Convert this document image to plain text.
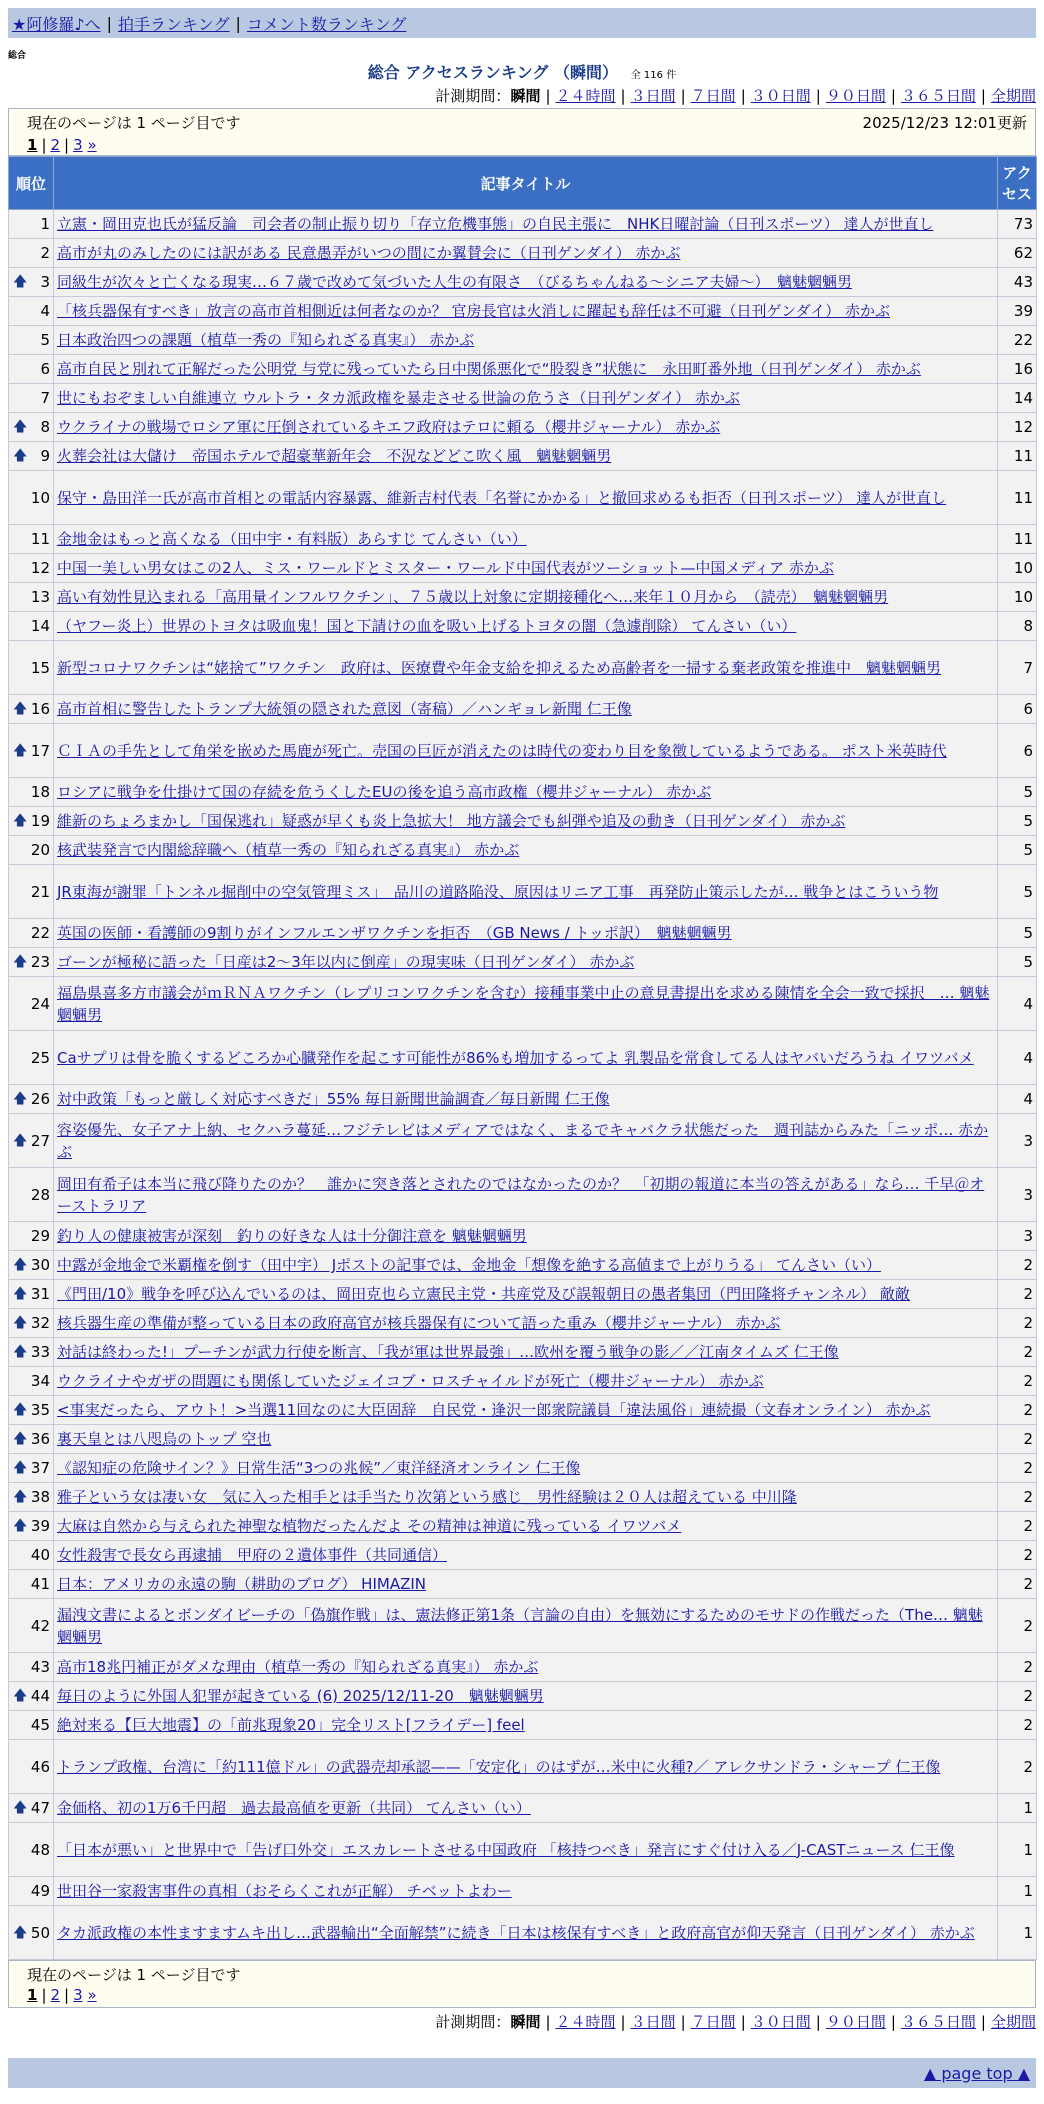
★阿修羅♪へ | 拍手ランキング | コメント数ランキング
総合
総合 アクセスランキング （瞬間） 全 116 件
計測期間：瞬間 | ２４時間 | ３日間 | ７日間 | ３０日間 | ９０日間 | ３６５日間 | 全期間
現在のページは 1 ページ目です	2025/12/23 12:01更新
1 | 2 | 3 »
順位	記事タイトル	アクセス
1	立憲・岡田克也氏が猛反論　司会者の制止振り切り「存立危機事態」の自民主張に　NHK日曜討論（日刊スポーツ） 達人が世直し	73
2	高市が丸のみしたのには訳がある 民意愚弄がいつの間にか翼賛会に（日刊ゲンダイ） 赤かぶ	62

🡅 3	同級生が次々と亡くなる現実…６７歳で改めて気づいた人生の有限さ　（びるちゃんねる〜シニア夫婦〜）　魑魅魍魎男	43
4	「核兵器保有すべき」放言の高市首相側近は何者なのか？ 官房長官は火消しに躍起も辞任は不可避（日刊ゲンダイ） 赤かぶ	39
5	日本政治四つの課題（植草一秀の『知られざる真実』） 赤かぶ	22
6	高市自民と別れて正解だった公明党 与党に残っていたら日中関係悪化で“股裂き”状態に　永田町番外地（日刊ゲンダイ） 赤かぶ	16
7	世にもおぞましい自維連立 ウルトラ・タカ派政権を暴走させる世論の危うさ（日刊ゲンダイ） 赤かぶ	14

🡅 8	ウクライナの戦場でロシア軍に圧倒されているキエフ政府はテロに頼る（櫻井ジャーナル） 赤かぶ	12

🡅 9	火葬会社は大儲け　帝国ホテルで超豪華新年会　不況などどこ吹く風　魑魅魍魎男	11
10	保守・島田洋一氏が高市首相との電話内容暴露、維新吉村代表「名誉にかかる」と撤回求めるも拒否（日刊スポーツ） 達人が世直し	11
11	金地金はもっと高くなる（田中宇・有料版）あらすじ てんさい（い）	11
12	中国一美しい男女はこの2人、ミス・ワールドとミスター・ワールド中国代表がツーショット—中国メディア 赤かぶ	10
13	高い有効性見込まれる「高用量インフルワクチン」、７５歳以上対象に定期接種化へ…来年１０月から　（読売）　魑魅魍魎男	10
14	（ヤフー炎上）世界のトヨタは吸血鬼！国と下請けの血を吸い上げるトヨタの闇（急遽削除） てんさい（い）	8
15	新型コロナワクチンは“姥捨て”ワクチン　政府は、医療費や年金支給を抑えるため高齢者を一掃する棄老政策を推進中　魑魅魍魎男	7

🡅 16	高市首相に警告したトランプ大統領の隠された意図（寄稿）／ハンギョレ新聞 仁王像	6

🡅 17	ＣＩＡの手先として角栄を嵌めた馬鹿が死亡。売国の巨匠が消えたのは時代の変わり目を象徴しているようである。 ポスト米英時代	6
18	ロシアに戦争を仕掛けて国の存続を危うくしたEUの後を追う高市政権（櫻井ジャーナル） 赤かぶ	5

🡅 19	維新のちょろまかし「国保逃れ」疑惑が早くも炎上急拡大！ 地方議会でも糾弾や追及の動き（日刊ゲンダイ） 赤かぶ	5
20	核武装発言で内閣総辞職へ（植草一秀の『知られざる真実』） 赤かぶ	5
21	JR東海が謝罪「トンネル掘削中の空気管理ミス」　品川の道路陥没、原因はリニア工事　再発防止策示したが… 戦争とはこういう物	5
22	英国の医師・看護師の9割りがインフルエンザワクチンを拒否　（GB News / トッポ訳）　魑魅魍魎男	5

🡅 23	ゴーンが極秘に語った「日産は2〜3年以内に倒産」の現実味（日刊ゲンダイ） 赤かぶ	5
24	福島県喜多方市議会がｍＲＮＡワクチン（レプリコンワクチンを含む）接種事業中止の意見書提出を求める陳情を全会一致で採択　… 魑魅魍魎男	4
25	Caサプリは骨を脆くするどころか心臓発作を起こす可能性が86%も増加するってよ 乳製品を常食してる人はヤバいだろうね イワツバメ	4

🡅 26	対中政策「もっと厳しく対応すべきだ」55% 毎日新聞世論調査／毎日新聞 仁王像	4

🡅 27	容姿優先、女子アナ上納、セクハラ蔓延…フジテレビはメディアではなく、まるでキャバクラ状態だった　週刊誌からみた「ニッポ… 赤かぶ	3
28	岡田有希子は本当に飛び降りたのか？　誰かに突き落とされたのではなかったのか？　「初期の報道に本当の答えがある」なら… 千早＠オーストラリア	3
29	釣り人の健康被害が深刻　釣りの好きな人は十分御注意を 魑魅魍魎男	3

🡅 30	中露が金地金で米覇権を倒す（田中宇） Jポストの記事では、金地金「想像を絶する高値まで上がりうる」 てんさい（い）	2

🡅 31	《門田/10》戦争を呼び込んでいるのは、岡田克也ら立憲民主党・共産党及び誤報朝日の愚者集団（門田隆将チャンネル） 敵敵	2

🡅 32	核兵器生産の準備が整っている日本の政府高官が核兵器保有について語った重み（櫻井ジャーナル） 赤かぶ	2

🡅 33	対話は終わった!」プーチンが武力行使を断言、「我が軍は世界最強」…欧州を覆う戦争の影／／江南タイムズ 仁王像	2
34	ウクライナやガザの問題にも関係していたジェイコブ・ロスチャイルドが死亡（櫻井ジャーナル） 赤かぶ	2

🡅 35	<事実だったら、アウト！>当選11回なのに大臣固辞　自民党・逢沢一郎衆院議員「違法風俗」連続撮（文春オンライン） 赤かぶ	2

🡅 36	裏天皇とは八咫烏のトップ 空也	2

🡅 37	《認知症の危険サイン？》日常生活“3つの兆候”／東洋経済オンライン 仁王像	2

🡅 38	雅子という女は凄い女＿気に入った相手とは手当たり次第という感じ＿男性経験は２０人は超えている 中川隆	2

🡅 39	大麻は自然から与えられた神聖な植物だったんだよ その精神は神道に残っている イワツバメ	2
40	女性殺害で長女ら再逮捕　甲府の２遺体事件（共同通信）	2
41	日本：アメリカの永遠の駒（耕助のブログ） HIMAZIN	2
42	漏洩文書によるとボンダイビーチの「偽旗作戦」は、憲法修正第1条（言論の自由）を無効にするためのモサドの作戦だった（The… 魑魅魍魎男	2
43	高市18兆円補正がダメな理由（植草一秀の『知られざる真実』） 赤かぶ	2

🡅 44	毎日のように外国人犯罪が起きている (6) 2025/12/11-20　魑魅魍魎男	2
45	絶対来る【巨大地震】の「前兆現象20」完全リスト[フライデー] feel	2
46	トランプ政権、台湾に「約111億ドル」の武器売却承認——「安定化」のはずが…米中に火種?／ アレクサンドラ・シャープ 仁王像	2

🡅 47	金価格、初の1万6千円超　過去最高値を更新（共同） てんさい（い）	1
48	「日本が悪い」と世界中で「告げ口外交」エスカレートさせる中国政府 「核持つべき」発言にすぐ付け入る／J-CASTニュース 仁王像	1
49	世田谷一家殺害事件の真相（おそらくこれが正解） チベットよわー	1

🡅 50	タカ派政権の本性ますますムキ出し…武器輸出“全面解禁”に続き「日本は核保有すべき」と政府高官が仰天発言（日刊ゲンダイ） 赤かぶ	1
現在のページは 1 ページ目です
1 | 2 | 3 »
計測期間：瞬間 | ２４時間 | ３日間 | ７日間 | ３０日間 | ９０日間 | ３６５日間 | 全期間
▲ page top ▲
